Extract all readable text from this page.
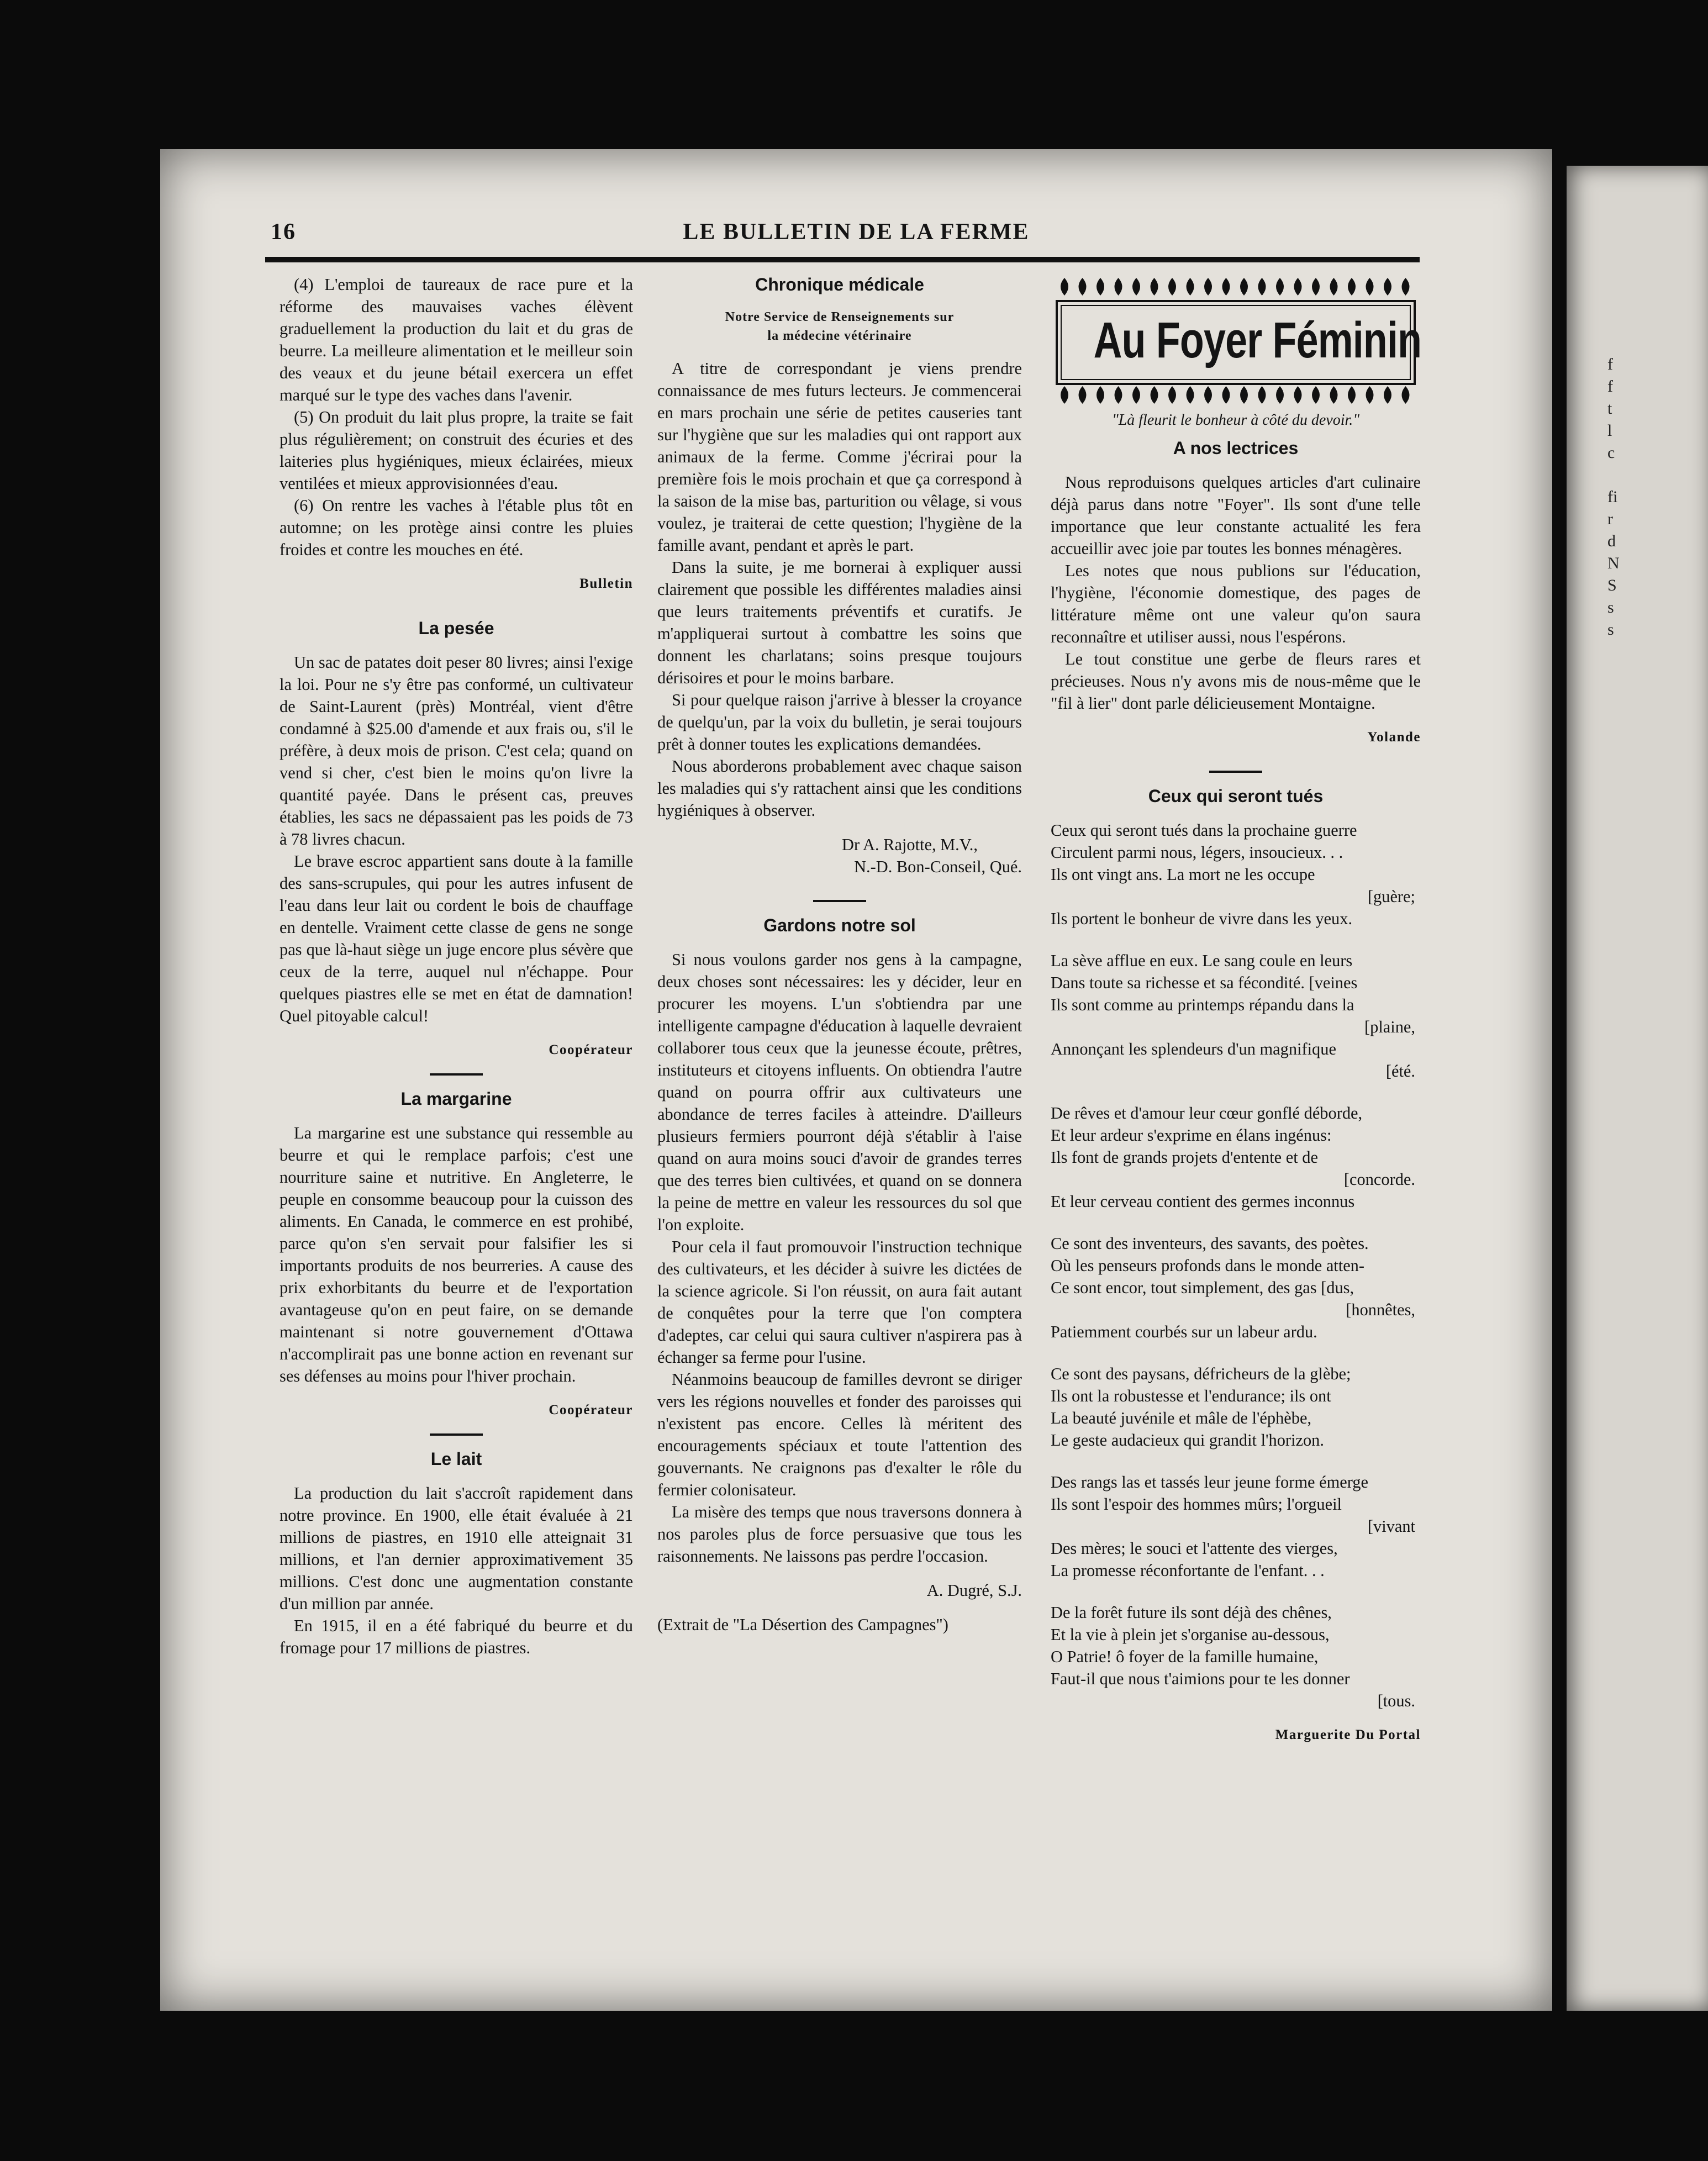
f
f
t
l
c

fi
r
d
N
S
s
s
16	LE BULLETIN DE LA FERME

(4) L'emploi de taureaux de race pure et la réforme des mauvaises vaches élèvent graduellement la production du lait et du gras de beurre. La meilleure alimentation et le meilleur soin des veaux et du jeune bétail exercera un effet marqué sur le type des vaches dans l'avenir.

(5) On produit du lait plus propre, la traite se fait plus régulièrement; on construit des écuries et des laiteries plus hygiéniques, mieux éclairées, mieux ventilées et mieux approvisionnées d'eau.

(6) On rentre les vaches à l'étable plus tôt en automne; on les protège ainsi contre les pluies froides et contre les mouches en été.

Bulletin

La pesée

Un sac de patates doit peser 80 livres; ainsi l'exige la loi. Pour ne s'y être pas conformé, un cultivateur de Saint-Laurent (près) Montréal, vient d'être condamné à $25.00 d'amende et aux frais ou, s'il le préfère, à deux mois de prison. C'est cela; quand on vend si cher, c'est bien le moins qu'on livre la quantité payée. Dans le présent cas, preuves établies, les sacs ne dépassaient pas les poids de 73 à 78 livres chacun.

Le brave escroc appartient sans doute à la famille des sans-scrupules, qui pour les autres infusent de l'eau dans leur lait ou cordent le bois de chauffage en dentelle. Vraiment cette classe de gens ne songe pas que là-haut siège un juge encore plus sévère que ceux de la terre, auquel nul n'échappe. Pour quelques piastres elle se met en état de damnation! Quel pitoyable calcul!

Coopérateur

La margarine

La margarine est une substance qui ressemble au beurre et qui le remplace parfois; c'est une nourriture saine et nutritive. En Angleterre, le peuple en consomme beaucoup pour la cuisson des aliments. En Canada, le commerce en est prohibé, parce qu'on s'en servait pour falsifier les si importants produits de nos beurreries. A cause des prix exhorbitants du beurre et de l'exportation avantageuse qu'on en peut faire, on se demande maintenant si notre gouvernement d'Ottawa n'accomplirait pas une bonne action en revenant sur ses défenses au moins pour l'hiver prochain.

Coopérateur

Le lait

La production du lait s'accroît rapidement dans notre province. En 1900, elle était évaluée à 21 millions de piastres, en 1910 elle atteignait 31 millions, et l'an dernier approximativement 35 millions. C'est donc une augmentation constante d'un million par année.

En 1915, il en a été fabriqué du beurre et du fromage pour 17 millions de piastres.

Chronique médicale
Notre Service de Renseignements sur
la médecine vétérinaire

A titre de correspondant je viens prendre connaissance de mes futurs lecteurs. Je commencerai en mars prochain une série de petites causeries tant sur l'hygiène que sur les maladies qui ont rapport aux animaux de la ferme. Comme j'écrirai pour la première fois le mois prochain et que ça correspond à la saison de la mise bas, parturition ou vêlage, si vous voulez, je traiterai de cette question; l'hygiène de la famille avant, pendant et après le part.

Dans la suite, je me bornerai à expliquer aussi clairement que possible les différentes maladies ainsi que leurs traitements préventifs et curatifs. Je m'appliquerai surtout à combattre les soins que donnent les charlatans; soins presque toujours dérisoires et pour le moins barbare.

Si pour quelque raison j'arrive à blesser la croyance de quelqu'un, par la voix du bulletin, je serai toujours prêt à donner toutes les explications demandées.

Nous aborderons probablement avec chaque saison les maladies qui s'y rattachent ainsi que les conditions hygiéniques à observer.

Dr A. Rajotte, M.V.,

N.-D. Bon-Conseil, Qué.

Gardons notre sol

Si nous voulons garder nos gens à la campagne, deux choses sont nécessaires: les y décider, leur en procurer les moyens. L'un s'obtiendra par une intelligente campagne d'éducation à laquelle devraient collaborer tous ceux que la jeunesse écoute, prêtres, instituteurs et citoyens influents. On obtiendra l'autre quand on pourra offrir aux cultivateurs une abondance de terres faciles à atteindre. D'ailleurs plusieurs fermiers pourront déjà s'établir à l'aise quand on aura moins souci d'avoir de grandes terres que des terres bien cultivées, et quand on se donnera la peine de mettre en valeur les ressources du sol que l'on exploite.

Pour cela il faut promouvoir l'instruction technique des cultivateurs, et les décider à suivre les dictées de la science agricole. Si l'on réussit, on aura fait autant de conquêtes pour la terre que l'on comptera d'adeptes, car celui qui saura cultiver n'aspirera pas à échanger sa ferme pour l'usine.

Néanmoins beaucoup de familles devront se diriger vers les régions nouvelles et fonder des paroisses qui n'existent pas encore. Celles là méritent des encouragements spéciaux et toute l'attention des gouvernants. Ne craignons pas d'exalter le rôle du fermier colonisateur.

La misère des temps que nous traversons donnera à nos paroles plus de force persuasive que tous les raisonnements. Ne laissons pas perdre l'occasion.

A. Dugré, S.J.

(Extrait de "La Désertion des Campagnes")

Au Foyer Féminin
"Là fleurit le bonheur à côté du devoir."
A nos lectrices

Nous reproduisons quelques articles d'art culinaire déjà parus dans notre "Foyer". Ils sont d'une telle importance que leur constante actualité les fera accueillir avec joie par toutes les bonnes ménagères.

Les notes que nous publions sur l'éducation, l'hygiène, l'économie domestique, des pages de littérature même ont une valeur qu'on saura reconnaître et utiliser aussi, nous l'espérons.

Le tout constitue une gerbe de fleurs rares et précieuses. Nous n'y avons mis de nous-même que le "fil à lier" dont parle délicieusement Montaigne.

Yolande

Ceux qui seront tués

Ceux qui seront tués dans la prochaine guerre

Circulent parmi nous, légers, insoucieux. . .

Ils ont vingt ans. La mort ne les occupe

[guère;

Ils portent le bonheur de vivre dans les yeux.

La sève afflue en eux. Le sang coule en leurs

Dans toute sa richesse et sa fécondité. [veines

Ils sont comme au printemps répandu dans la

[plaine,

Annonçant les splendeurs d'un magnifique

[été.

De rêves et d'amour leur cœur gonflé déborde,

Et leur ardeur s'exprime en élans ingénus:

Ils font de grands projets d'entente et de

[concorde.

Et leur cerveau contient des germes inconnus

Ce sont des inventeurs, des savants, des poètes.

Où les penseurs profonds dans le monde atten-

Ce sont encor, tout simplement, des gas [dus,

[honnêtes,

Patiemment courbés sur un labeur ardu.

Ce sont des paysans, défricheurs de la glèbe;

Ils ont la robustesse et l'endurance; ils ont

La beauté juvénile et mâle de l'éphèbe,

Le geste audacieux qui grandit l'horizon.

Des rangs las et tassés leur jeune forme émerge

Ils sont l'espoir des hommes mûrs; l'orgueil

[vivant

Des mères; le souci et l'attente des vierges,

La promesse réconfortante de l'enfant. . .

De la forêt future ils sont déjà des chênes,

Et la vie à plein jet s'organise au-dessous,

O Patrie! ô foyer de la famille humaine,

Faut-il que nous t'aimions pour te les donner

[tous.

Marguerite Du Portal
